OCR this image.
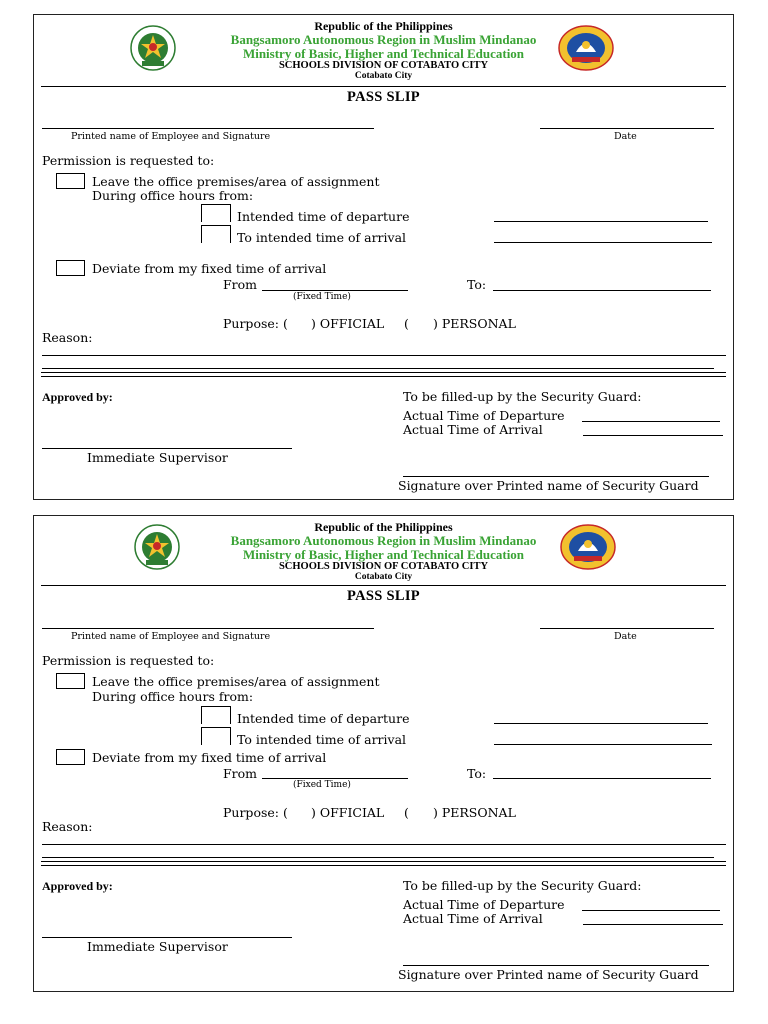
Republic of the Philippines
Bangsamoro Autonomous Region in Muslim Mindanao
Ministry of Basic, Higher and Technical Education
SCHOOLS DIVISION OF COTABATO CITY
Cotabato City
PASS SLIP
Printed name of Employee and Signature	Date
Permission is requested to:
Leave the office premises/area of assignment
During office hours from:
Intended time of departure
To intended time of arrival
Deviate from my fixed time of arrival
From	To:
(Fixed Time)
Purpose: ( ) OFFICIAL ( ) PERSONAL
Reason:
Approved by:	To be filled-up by the Security Guard:
Actual Time of Departure
Actual Time of Arrival
Immediate Supervisor
Signature over Printed name of Security Guard
Republic of the Philippines
Bangsamoro Autonomous Region in Muslim Mindanao
Ministry of Basic, Higher and Technical Education
SCHOOLS DIVISION OF COTABATO CITY
Cotabato City
PASS SLIP
Printed name of Employee and Signature	Date
Permission is requested to:
Leave the office premises/area of assignment
During office hours from:
Intended time of departure
To intended time of arrival
Deviate from my fixed time of arrival
From	To:
(Fixed Time)
Purpose: ( ) OFFICIAL ( ) PERSONAL
Reason:
Approved by:	To be filled-up by the Security Guard:
Actual Time of Departure
Actual Time of Arrival
Immediate Supervisor
Signature over Printed name of Security Guard
